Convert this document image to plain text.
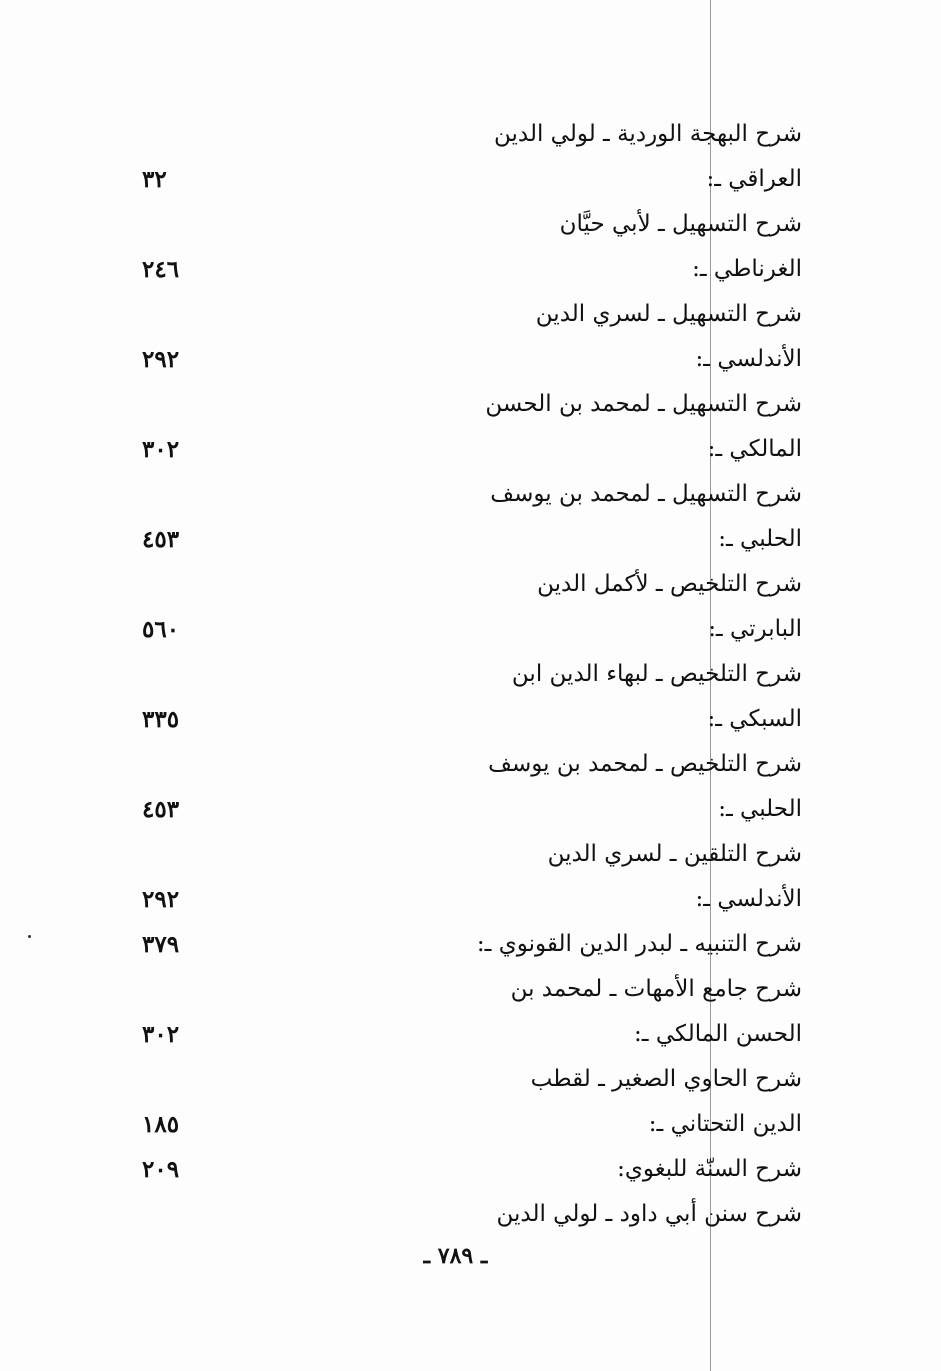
شرح البهجة الوردية ـ لولي الدين
العراقي ـ:
٣٢
شرح التسهيل ـ لأبي حيَّان
الغرناطي ـ:
٢٤٦
شرح التسهيل ـ لسري الدين
الأندلسي ـ:
٢٩٢
شرح التسهيل ـ لمحمد بن الحسن
المالكي ـ:
٣٠٢
شرح التسهيل ـ لمحمد بن يوسف
الحلبي ـ:
٤٥٣
شرح التلخيص ـ لأكمل الدين
البابرتي ـ:
٥٦٠
شرح التلخيص ـ لبهاء الدين ابن
السبكي ـ:
٣٣٥
شرح التلخيص ـ لمحمد بن يوسف
الحلبي ـ:
٤٥٣
شرح التلقين ـ لسري الدين
الأندلسي ـ:
٢٩٢
شرح التنبيه ـ لبدر الدين القونوي ـ:
٣٧٩
شرح جامع الأمهات ـ لمحمد بن
الحسن المالكي ـ:
٣٠٢
شرح الحاوي الصغير ـ لقطب
الدين التحتاني ـ:
١٨٥
شرح السنّة للبغوي:
٢٠٩
شرح سنن أبي داود ـ لولي الدين
ـ ٧٨٩ ـ
